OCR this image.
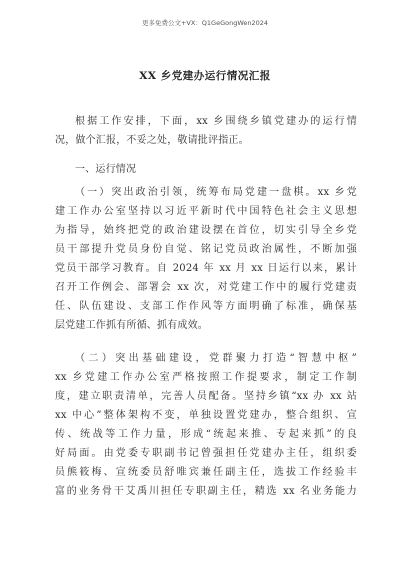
更多免费公文+VX：Q1GeGongWen2024
XX 乡党建办运行情况汇报
根据工作安排，下面，xx 乡围绕乡镇党建办的运行情
况，做个汇报，不妥之处，敬请批评指正。
一、运行情况
（一）突出政治引领，统筹布局党建一盘棋。xx 乡党
建工作办公室坚持以习近平新时代中国特色社会主义思想
为指导，始终把党的政治建设摆在首位，切实引导全乡党
员干部提升党员身份自觉、铭记党员政治属性，不断加强
党员干部学习教育。自 2024 年 xx 月 xx 日运行以来，累计
召开工作例会、部署会 xx 次，对党建工作中的履行党建责
任、队伍建设、支部工作作风等方面明确了标准，确保基
层党建工作抓有所循、抓有成效。
（二）突出基础建设，党群聚力打造“智慧中枢”
xx 乡党建工作办公室严格按照工作提要求，制定工作制
度，建立职责清单，完善人员配备。坚持乡镇“xx 办 xx 站
xx 中心”整体架构不变，单独设置党建办，整合组织、宣
传、统战等工作力量，形成“统起来推、专起来抓”的良
好局面。由党委专职副书记曾强担任党建办主任，组织委
员熊筱梅、宣统委员舒唯宾兼任副主任，选拔工作经验丰
富的业务骨干艾禹川担任专职副主任，精选 xx 名业务能力
